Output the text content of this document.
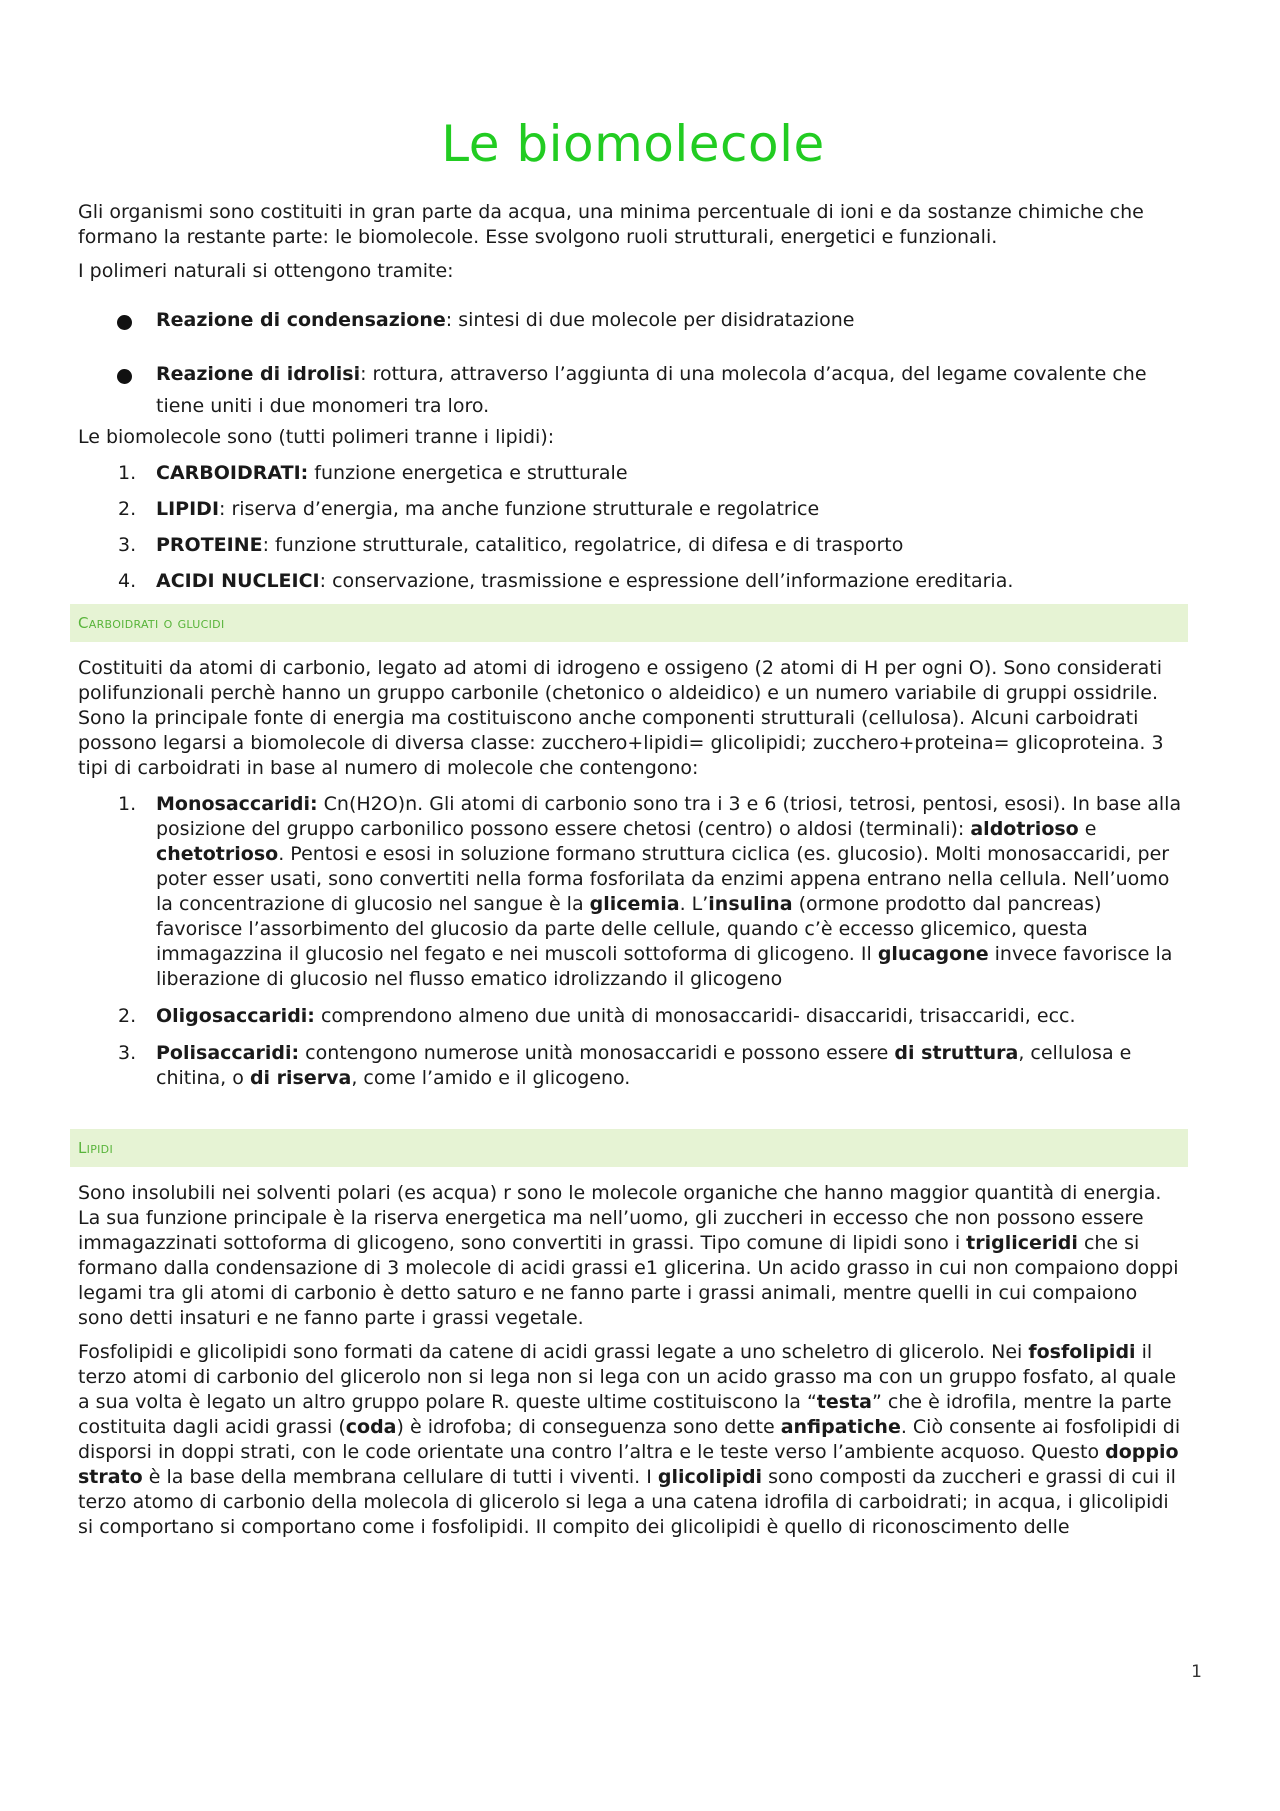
Le biomolecole

Gli organismi sono costituiti in gran parte da acqua, una minima percentuale di ioni e da sostanze chimiche che formano la restante parte: le biomolecole. Esse svolgono ruoli strutturali, energetici e funzionali.

I polimeri naturali si ottengono tramite:

Reazione di condensazione: sintesi di due molecole per disidratazione
Reazione di idrolisi: rottura, attraverso l’aggiunta di una molecola d’acqua, del legame covalente che tiene uniti i due monomeri tra loro.

Le biomolecole sono (tutti polimeri tranne i lipidi):

1. CARBOIDRATI: funzione energetica e strutturale
2. LIPIDI: riserva d’energia, ma anche funzione strutturale e regolatrice
3. PROTEINE: funzione strutturale, catalitico, regolatrice, di difesa e di trasporto
4. ACIDI NUCLEICI: conservazione, trasmissione e espressione dell’informazione ereditaria.
Carboidrati o glucidi

Costituiti da atomi di carbonio, legato ad atomi di idrogeno e ossigeno (2 atomi di H per ogni O). Sono considerati polifunzionali perchè hanno un gruppo carbonile (chetonico o aldeidico) e un numero variabile di gruppi ossidrile. Sono la principale fonte di energia ma costituiscono anche componenti strutturali (cellulosa). Alcuni carboidrati possono legarsi a biomolecole di diversa classe: zucchero+lipidi= glicolipidi; zucchero+proteina= glicoproteina. 3 tipi di carboidrati in base al numero di molecole che contengono:

1. Monosaccaridi: Cn(H2O)n. Gli atomi di carbonio sono tra i 3 e 6 (triosi, tetrosi, pentosi, esosi). In base alla posizione del gruppo carbonilico possono essere chetosi (centro) o aldosi (terminali): aldotrioso e chetotrioso. Pentosi e esosi in soluzione formano struttura ciclica (es. glucosio). Molti monosaccaridi, per poter esser usati, sono convertiti nella forma fosforilata da enzimi appena entrano nella cellula. Nell’uomo la concentrazione di glucosio nel sangue è la glicemia. L’insulina (ormone prodotto dal pancreas) favorisce l’assorbimento del glucosio da parte delle cellule, quando c’è eccesso glicemico, questa immagazzina il glucosio nel fegato e nei muscoli sottoforma di glicogeno. Il glucagone invece favorisce la liberazione di glucosio nel flusso ematico idrolizzando il glicogeno
2. Oligosaccaridi: comprendono almeno due unità di monosaccaridi- disaccaridi, trisaccaridi, ecc.
3. Polisaccaridi: contengono numerose unità monosaccaridi e possono essere di struttura, cellulosa e chitina, o di riserva, come l’amido e il glicogeno.
Lipidi

Sono insolubili nei solventi polari (es acqua) r sono le molecole organiche che hanno maggior quantità di energia. La sua funzione principale è la riserva energetica ma nell’uomo, gli zuccheri in eccesso che non possono essere immagazzinati sottoforma di glicogeno, sono convertiti in grassi. Tipo comune di lipidi sono i trigliceridi che si formano dalla condensazione di 3 molecole di acidi grassi e1 glicerina. Un acido grasso in cui non compaiono doppi legami tra gli atomi di carbonio è detto saturo e ne fanno parte i grassi animali, mentre quelli in cui compaiono sono detti insaturi e ne fanno parte i grassi vegetale.

Fosfolipidi e glicolipidi sono formati da catene di acidi grassi legate a uno scheletro di glicerolo. Nei fosfolipidi il terzo atomi di carbonio del glicerolo non si lega non si lega con un acido grasso ma con un gruppo fosfato, al quale a sua volta è legato un altro gruppo polare R. queste ultime costituiscono la “testa” che è idrofila, mentre la parte costituita dagli acidi grassi (coda) è idrofoba; di conseguenza sono dette anfipatiche. Ciò consente ai fosfolipidi di disporsi in doppi strati, con le code orientate una contro l’altra e le teste verso l’ambiente acquoso. Questo doppio strato è la base della membrana cellulare di tutti i viventi. I glicolipidi sono composti da zuccheri e grassi di cui il terzo atomo di carbonio della molecola di glicerolo si lega a una catena idrofila di carboidrati; in acqua, i glicolipidi si comportano si comportano come i fosfolipidi. Il compito dei glicolipidi è quello di riconoscimento delle

1
